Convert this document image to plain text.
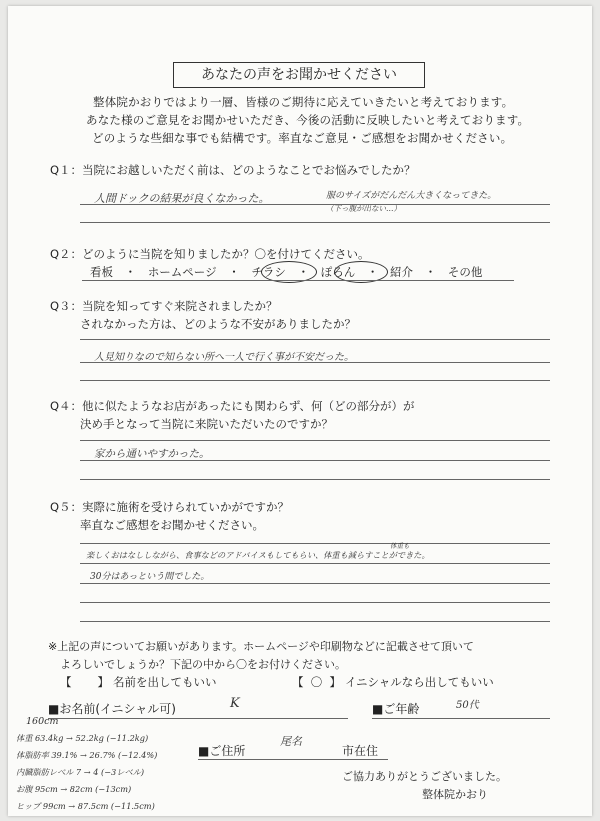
あなたの声をお聞かせください
整体院かおりではより一層、皆様のご期待に応えていきたいと考えております。
あなた様のご意見をお聞かせいただき、今後の活動に反映したいと考えております。
どのような些細な事でも結構です。率直なご意見・ご感想をお聞かせください。
Q１：当院にお越しいただく前は、どのようなことでお悩みでしたか？
人間ドックの結果が良くなかった。	服のサイズがだんだん大きくなってきた。
（下っ腹が出ない…）
Q２：どのように当院を知りましたか？〇を付けてください。
看板 ・ ホームページ ・ チラシ ・ ぽろん ・ 紹介 ・ その他
Q３：当院を知ってすぐ来院されましたか？
されなかった方は、どのような不安がありましたか？
人見知りなので知らない所へ一人で行く事が不安だった。
Q４：他に似たようなお店があったにも関わらず、何（どの部分が）が
決め手となって当院に来院いただいたのですか？
家から通いやすかった。
Q５：実際に施術を受けられていかがですか？
率直なご感想をお聞かせください。
体重も
楽しくおはなししながら、食事などのアドバイスもしてもらい、体重も減らすことができた。
30分はあっという間でした。
※上記の声についてお願いがあります。ホームページや印刷物などに記載させて頂いて
よろしいでしょうか？下記の中から〇をお付けください。
【 】 名前を出してもいい	【 〇 】 イニシャルなら出してもいい
■お名前(イニシャル可)	K	■ご年齢	50代
■ご住所
尾名
市在住
160cm
体重 63.4kg → 52.2kg (−11.2kg)
体脂肪率 39.1% → 26.7% (−12.4%)
内臓脂肪レベル 7 → 4 (−3レベル)
お腹 95cm → 82cm (−13cm)
ヒップ 99cm → 87.5cm (−11.5cm)
ご協力ありがとうございました。
整体院かおり
